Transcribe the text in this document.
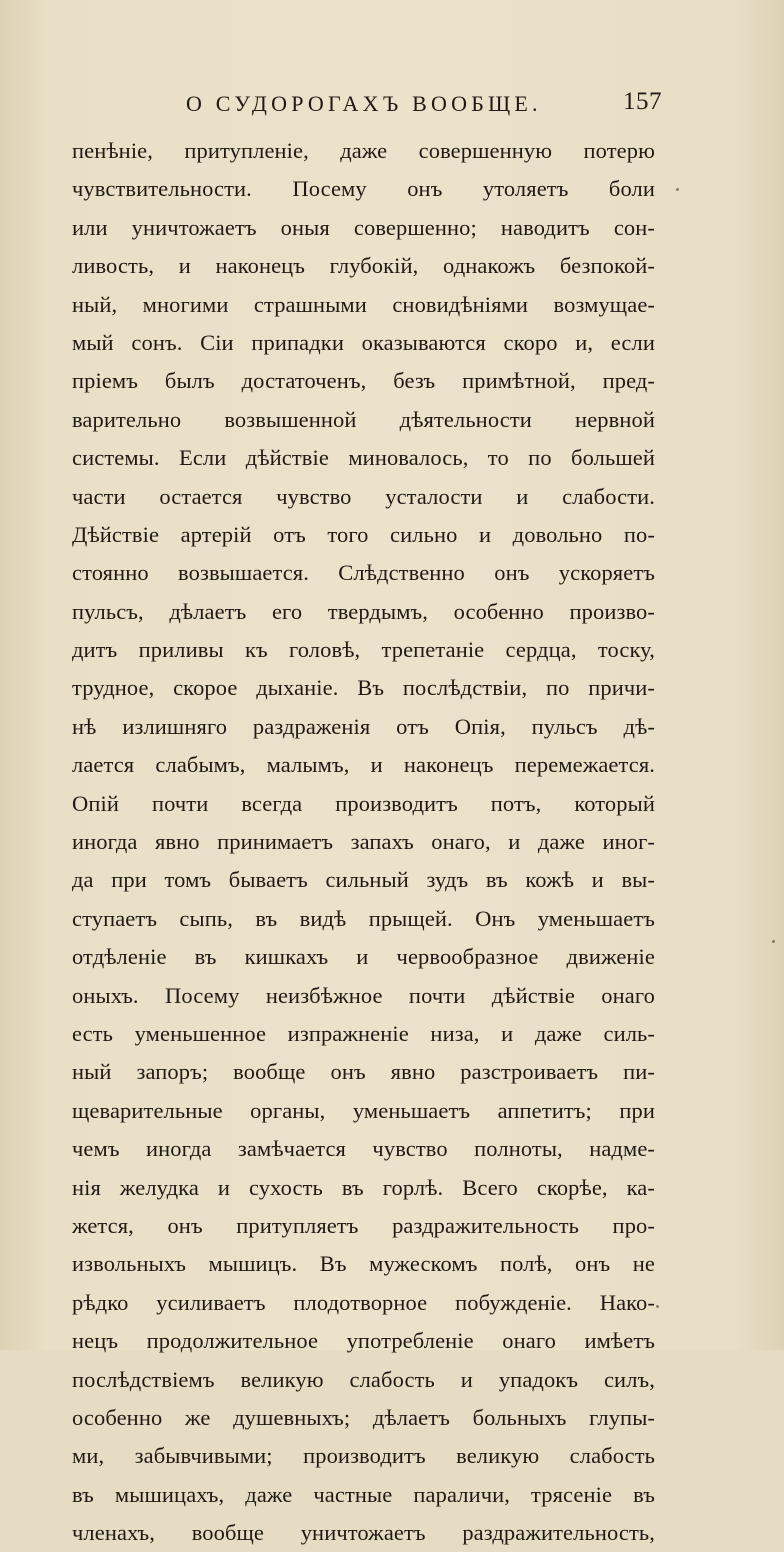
О СУДОРОГАХЪ ВООБЩЕ.	157
пенѣніе, притупленіе, даже совершенную потерю
чувствительности. Посему онъ утоляетъ боли
или уничтожаетъ оныя совершенно; наводитъ сон-
ливость, и наконецъ глубокій, однакожъ безпокой-
ный, многими страшными сновидѣніями возмущае-
мый сонъ. Сіи припадки оказываются скоро и, если
пріемъ былъ достаточенъ, безъ примѣтной, пред-
варительно возвышенной дѣятельности нервной
системы. Если дѣйствіе миновалось, то по большей
части остается чувство усталости и слабости.
Дѣйствіе артерій отъ того сильно и довольно по-
стоянно возвышается. Слѣдственно онъ ускоряетъ
пульсъ, дѣлаетъ его твердымъ, особенно произво-
дитъ приливы къ головѣ, трепетаніе сердца, тоску,
трудное, скорое дыханіе. Въ послѣдствіи, по причи-
нѣ излишняго раздраженія отъ Опія, пульсъ дѣ-
лается слабымъ, малымъ, и наконецъ перемежается.
Опій почти всегда производитъ потъ, который
иногда явно принимаетъ запахъ онаго, и даже иног-
да при томъ бываетъ сильный зудъ въ кожѣ и вы-
ступаетъ сыпь, въ видѣ прыщей. Онъ уменьшаетъ
отдѣленіе въ кишкахъ и червообразное движеніе
оныхъ. Посему неизбѣжное почти дѣйствіе онаго
есть уменьшенное изпражненіе низа, и даже силь-
ный запоръ; вообще онъ явно разстроиваетъ пи-
щеварительные органы, уменьшаетъ аппетитъ; при
чемъ иногда замѣчается чувство полноты, надме-
нія желудка и сухость въ горлѣ. Всего скорѣе, ка-
жется, онъ притупляетъ раздражительность про-
извольныхъ мышицъ. Въ мужескомъ полѣ, онъ не
рѣдко усиливаетъ плодотворное побужденіе. Нако-
нецъ продолжительное употребленіе онаго имѣетъ
послѣдствіемъ великую слабость и упадокъ силъ,
особенно же душевныхъ; дѣлаетъ больныхъ глупы-
ми, забывчивыми; производитъ великую слабость
въ мышицахъ, даже частные параличи, трясеніе въ
членахъ, вообще уничтожаетъ раздражительность,
